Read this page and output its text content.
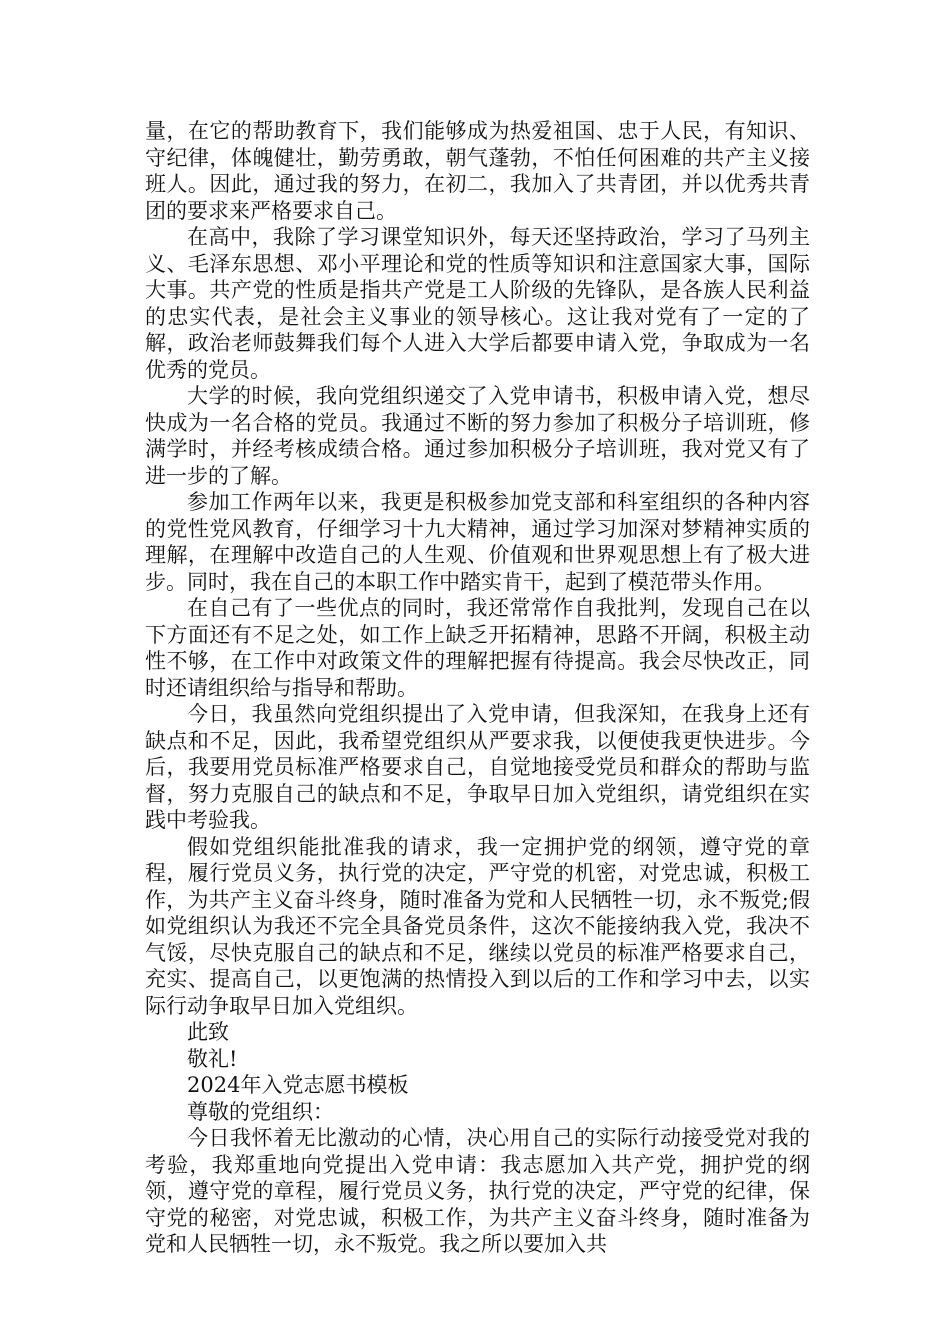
量，在它的帮助教育下，我们能够成为热爱祖国、忠于人民，有知识、守纪律，体魄健壮，勤劳勇敢，朝气蓬勃，不怕任何困难的共产主义接班人。因此，通过我的努力，在初二，我加入了共青团，并以优秀共青团的要求来严格要求自己。

在高中，我除了学习课堂知识外，每天还坚持政治，学习了马列主义、毛泽东思想、邓小平理论和党的性质等知识和注意国家大事，国际大事。共产党的性质是指共产党是工人阶级的先锋队，是各族人民利益的忠实代表，是社会主义事业的领导核心。这让我对党有了一定的了解，政治老师鼓舞我们每个人进入大学后都要申请入党，争取成为一名优秀的党员。

大学的时候，我向党组织递交了入党申请书，积极申请入党，想尽快成为一名合格的党员。我通过不断的努力参加了积极分子培训班，修满学时，并经考核成绩合格。通过参加积极分子培训班，我对党又有了进一步的了解。

参加工作两年以来，我更是积极参加党支部和科室组织的各种内容的党性党风教育，仔细学习十九大精神，通过学习加深对梦精神实质的理解，在理解中改造自己的人生观、价值观和世界观思想上有了极大进步。同时，我在自己的本职工作中踏实肯干，起到了模范带头作用。

在自己有了一些优点的同时，我还常常作自我批判，发现自己在以下方面还有不足之处，如工作上缺乏开拓精神，思路不开阔，积极主动性不够，在工作中对政策文件的理解把握有待提高。我会尽快改正，同时还请组织给与指导和帮助。

今日，我虽然向党组织提出了入党申请，但我深知，在我身上还有缺点和不足，因此，我希望党组织从严要求我，以便使我更快进步。今后，我要用党员标准严格要求自己，自觉地接受党员和群众的帮助与监督，努力克服自己的缺点和不足，争取早日加入党组织，请党组织在实践中考验我。

假如党组织能批准我的请求，我一定拥护党的纲领，遵守党的章程，履行党员义务，执行党的决定，严守党的机密，对党忠诚，积极工作，为共产主义奋斗终身，随时准备为党和人民牺牲一切，永不叛党;假如党组织认为我还不完全具备党员条件，这次不能接纳我入党，我决不气馁，尽快克服自己的缺点和不足，继续以党员的标准严格要求自己，充实、提高自己，以更饱满的热情投入到以后的工作和学习中去，以实际行动争取早日加入党组织。

此致

敬礼!

2024年入党志愿书模板

尊敬的党组织：

今日我怀着无比激动的心情，决心用自己的实际行动接受党对我的考验，我郑重地向党提出入党申请：我志愿加入共产党，拥护党的纲领，遵守党的章程，履行党员义务，执行党的决定，严守党的纪律，保守党的秘密，对党忠诚，积极工作，为共产主义奋斗终身，随时准备为党和人民牺牲一切，永不叛党。我之所以要加入共
